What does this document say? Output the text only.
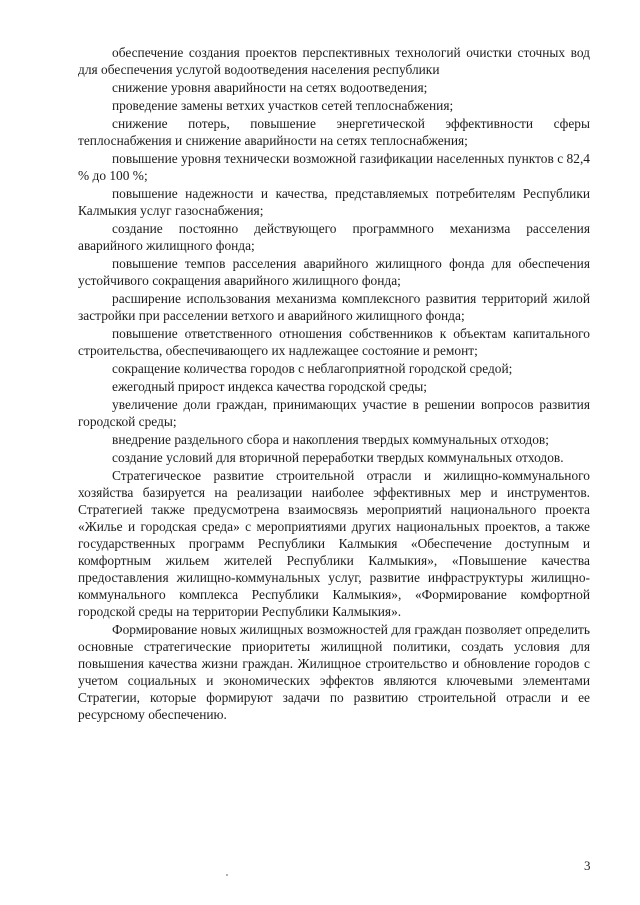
обеспечение создания проектов перспективных технологий очистки сточных вод для обеспечения услугой водоотведения населения республики

снижение уровня аварийности на сетях водоотведения;

проведение замены ветхих участков сетей теплоснабжения;

снижение потерь, повышение энергетической эффективности сферы теплоснабжения и снижение аварийности на сетях теплоснабжения;

повышение уровня технически возможной газификации населенных пунктов с 82,4 % до 100 %;

повышение надежности и качества, представляемых потребителям Республики Калмыкия услуг газоснабжения;

создание постоянно действующего программного механизма расселения аварийного жилищного фонда;

повышение темпов расселения аварийного жилищного фонда для обеспечения устойчивого сокращения аварийного жилищного фонда;

расширение использования механизма комплексного развития территорий жилой застройки при расселении ветхого и аварийного жилищного фонда;

повышение ответственного отношения собственников к объектам капитального строительства, обеспечивающего их надлежащее состояние и ремонт;

сокращение количества городов с неблагоприятной городской средой;

ежегодный прирост индекса качества городской среды;

увеличение доли граждан, принимающих участие в решении вопросов развития городской среды;

внедрение раздельного сбора и накопления твердых коммунальных отходов;

создание условий для вторичной переработки твердых коммунальных отходов.

Стратегическое развитие строительной отрасли и жилищно-коммунального хозяйства базируется на реализации наиболее эффективных мер и инструментов. Стратегией также предусмотрена взаимосвязь мероприятий национального проекта «Жилье и городская среда» с мероприятиями других национальных проектов, а также государственных программ Республики Калмыкия «Обеспечение доступным и комфортным жильем жителей Республики Калмыкия», «Повышение качества предоставления жилищно-коммунальных услуг, развитие инфраструктуры жилищно-коммунального комплекса Республики Калмыкия», «Формирование комфортной городской среды на территории Республики Калмыкия».

Формирование новых жилищных возможностей для граждан позволяет определить основные стратегические приоритеты жилищной политики, создать условия для повышения качества жизни граждан. Жилищное строительство и обновление городов с учетом социальных и экономических эффектов являются ключевыми элементами Стратегии, которые формируют задачи по развитию строительной отрасли и ее ресурсному обеспечению.

3
